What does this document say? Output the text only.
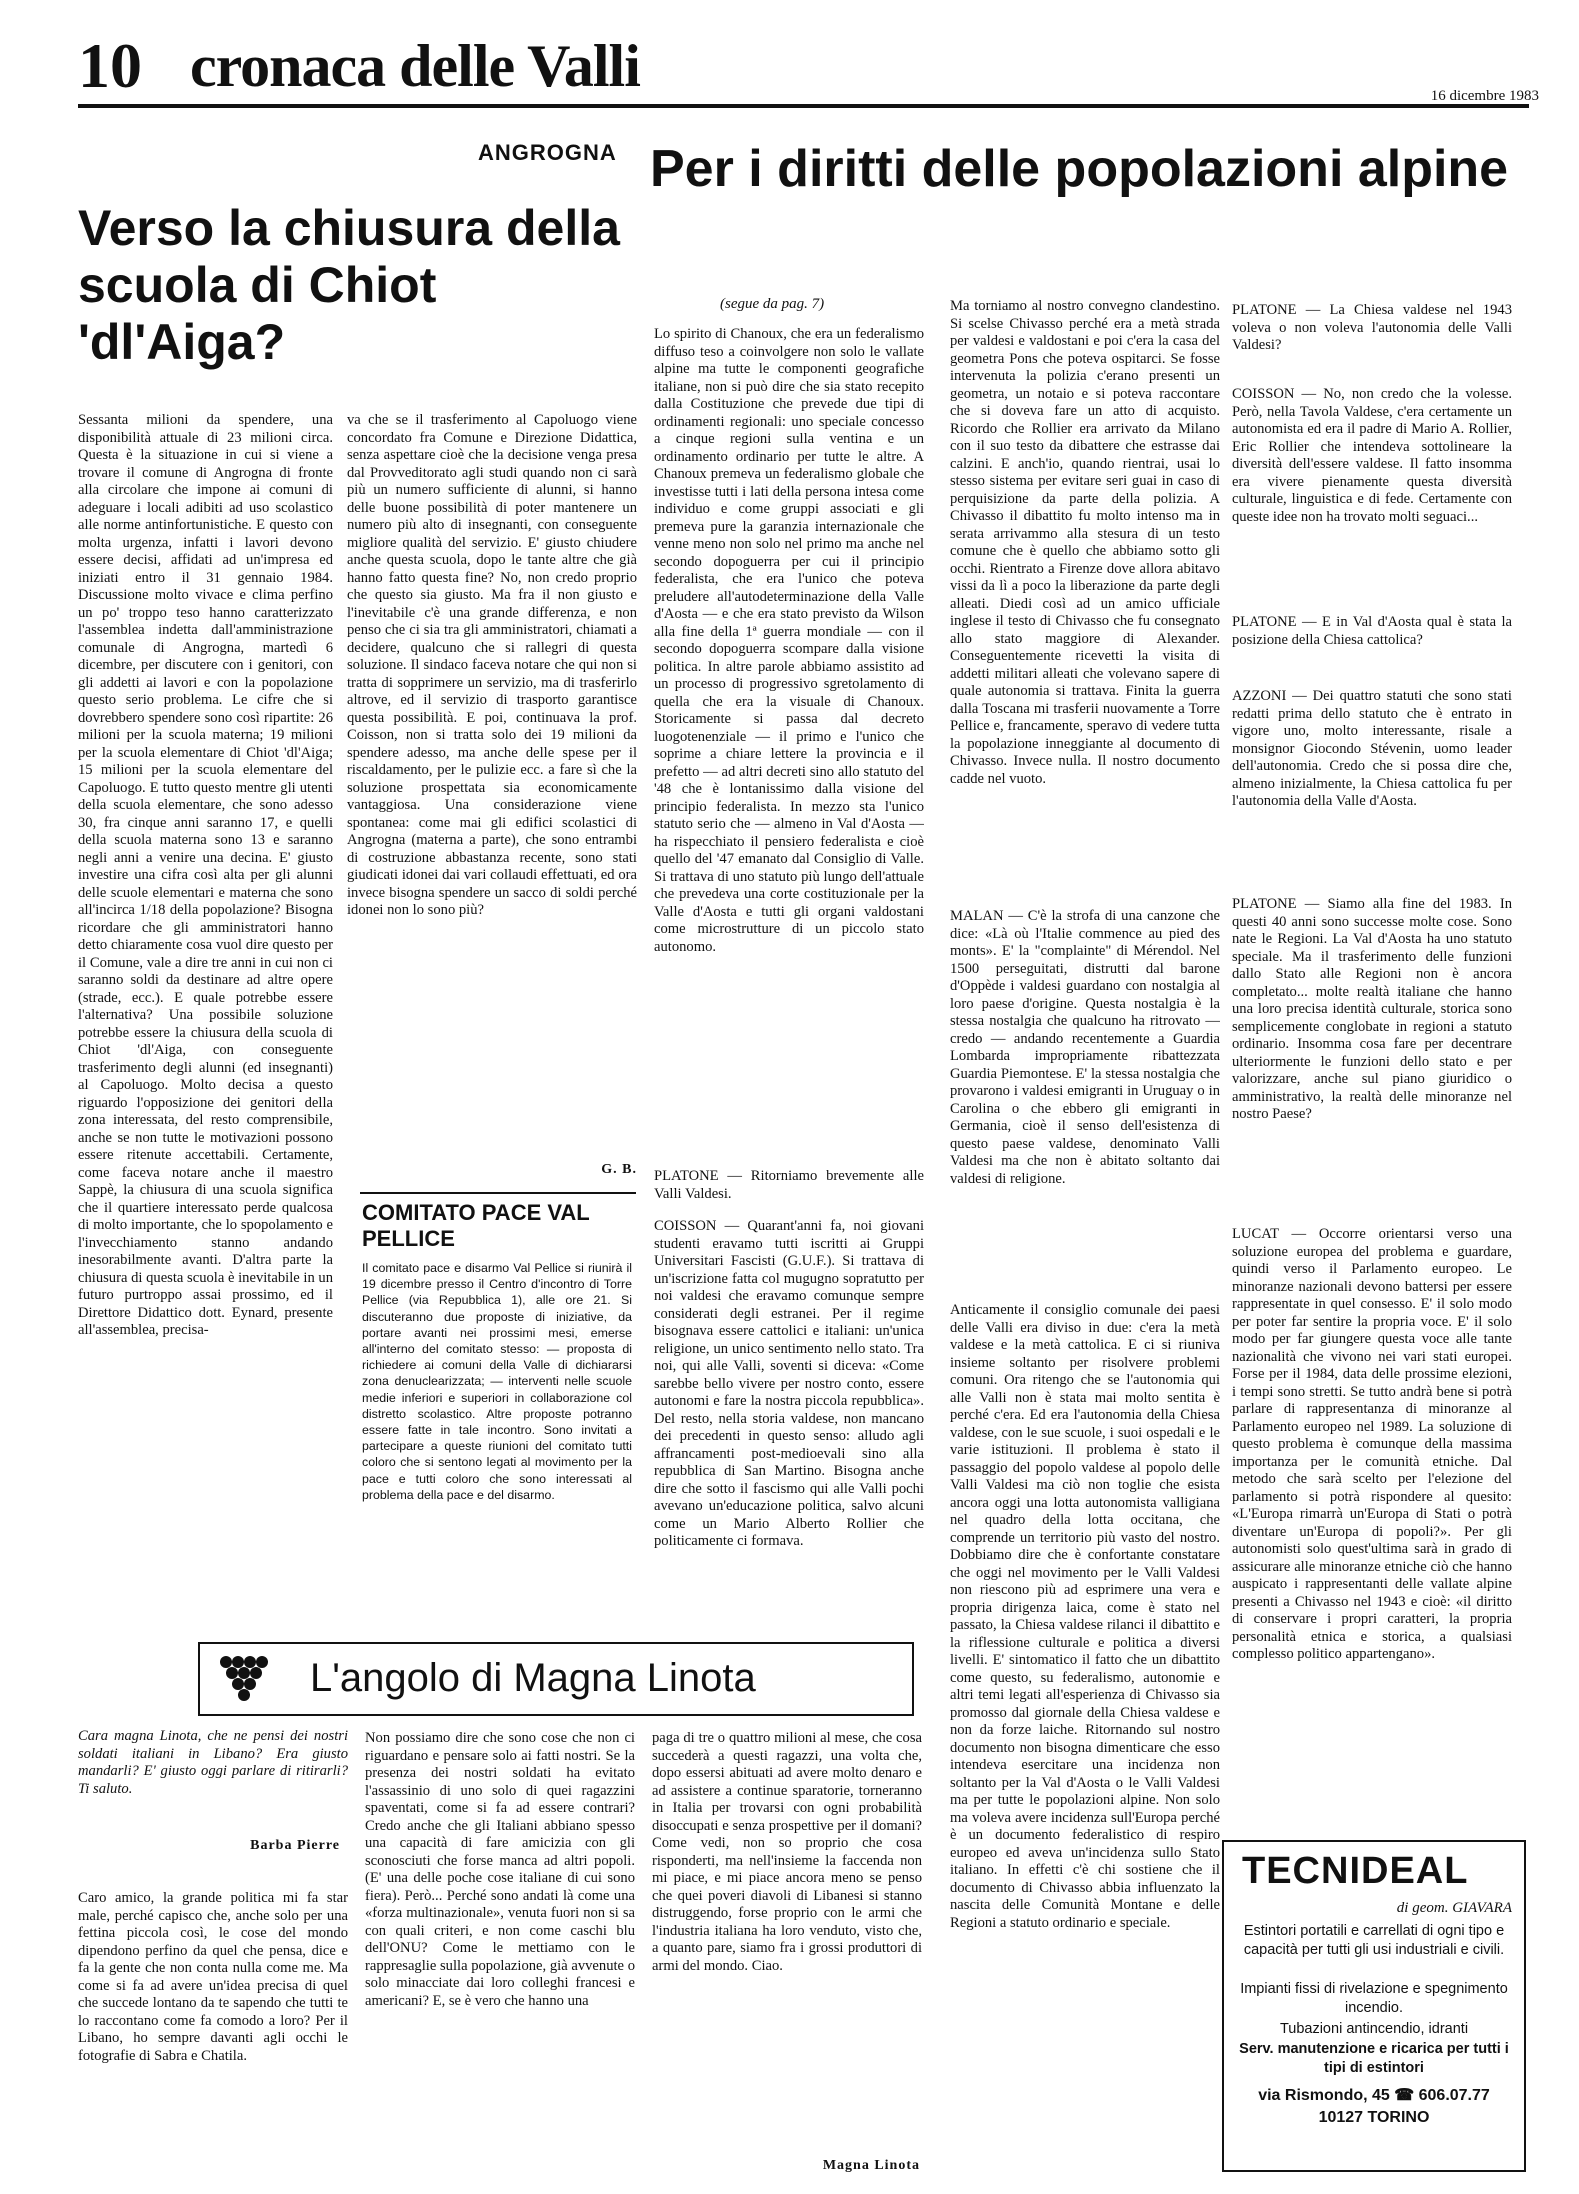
10 cronaca delle Valli	16 dicembre 1983
ANGROGNA
Verso la chiusura della scuola di Chiot 'dl'Aiga?
Sessanta milioni da spendere, una disponibilità attuale di 23 milioni circa. Questa è la situazione in cui si viene a trovare il comune di Angrogna di fronte alla circolare che impone ai comuni di adeguare i locali adibiti ad uso scolastico alle norme antinfortunistiche. E questo con molta urgenza, infatti i lavori devono essere decisi, affidati ad un'impresa ed iniziati entro il 31 gennaio 1984. Discussione molto vivace e clima perfino un po' troppo teso hanno caratterizzato l'assemblea indetta dall'amministrazione comunale di Angrogna, martedì 6 dicembre, per discutere con i genitori, con gli addetti ai lavori e con la popolazione questo serio problema. Le cifre che si dovrebbero spendere sono così ripartite: 26 milioni per la scuola materna; 19 milioni per la scuola elementare di Chiot 'dl'Aiga; 15 milioni per la scuola elementare del Capoluogo. E tutto questo mentre gli utenti della scuola elementare, che sono adesso 30, fra cinque anni saranno 17, e quelli della scuola materna sono 13 e saranno negli anni a venire una decina. E' giusto investire una cifra così alta per gli alunni delle scuole elementari e materna che sono all'incirca 1/18 della popolazione? Bisogna ricordare che gli amministratori hanno detto chiaramente cosa vuol dire questo per il Comune, vale a dire tre anni in cui non ci saranno soldi da destinare ad altre opere (strade, ecc.). E quale potrebbe essere l'alternativa? Una possibile soluzione potrebbe essere la chiusura della scuola di Chiot 'dl'Aiga, con conseguente trasferimento degli alunni (ed insegnanti) al Capoluogo. Molto decisa a questo riguardo l'opposizione dei genitori della zona interessata, del resto comprensibile, anche se non tutte le motivazioni possono essere ritenute accettabili. Certamente, come faceva notare anche il maestro Sappè, la chiusura di una scuola significa che il quartiere interessato perde qualcosa di molto importante, che lo spopolamento e l'invecchiamento stanno andando inesorabilmente avanti. D'altra parte la chiusura di questa scuola è inevitabile in un futuro purtroppo assai prossimo, ed il Direttore Didattico dott. Eynard, presente all'assemblea, precisa-
va che se il trasferimento al Capoluogo viene concordato fra Comune e Direzione Didattica, senza aspettare cioè che la decisione venga presa dal Provveditorato agli studi quando non ci sarà più un numero sufficiente di alunni, si hanno delle buone possibilità di poter mantenere un numero più alto di insegnanti, con conseguente migliore qualità del servizio. E' giusto chiudere anche questa scuola, dopo le tante altre che già hanno fatto questa fine? No, non credo proprio che questo sia giusto. Ma fra il non giusto e l'inevitabile c'è una grande differenza, e non penso che ci sia tra gli amministratori, chiamati a decidere, qualcuno che si rallegri di questa soluzione. Il sindaco faceva notare che qui non si tratta di sopprimere un servizio, ma di trasferirlo altrove, ed il servizio di trasporto garantisce questa possibilità. E poi, continuava la prof. Coisson, non si tratta solo dei 19 milioni da spendere adesso, ma anche delle spese per il riscaldamento, per le pulizie ecc. a fare sì che la soluzione prospettata sia economicamente vantaggiosa. Una considerazione viene spontanea: come mai gli edifici scolastici di Angrogna (materna a parte), che sono entrambi di costruzione abbastanza recente, sono stati giudicati idonei dai vari collaudi effettuati, ed ora invece bisogna spendere un sacco di soldi perché idonei non lo sono più?
G. B.
COMITATO PACE VAL PELLICE
Il comitato pace e disarmo Val Pellice si riunirà il 19 dicembre presso il Centro d'incontro di Torre Pellice (via Repubblica 1), alle ore 21. Si discuteranno due proposte di iniziative, da portare avanti nei prossimi mesi, emerse all'interno del comitato stesso: — proposta di richiedere ai comuni della Valle di dichiararsi zona denuclearizzata; — interventi nelle scuole medie inferiori e superiori in collaborazione col distretto scolastico. Altre proposte potranno essere fatte in tale incontro. Sono invitati a partecipare a queste riunioni del comitato tutti coloro che si sentono legati al movimento per la pace e tutti coloro che sono interessati al problema della pace e del disarmo.
Per i diritti delle popolazioni alpine
(segue da pag. 7)
Lo spirito di Chanoux, che era un federalismo diffuso teso a coinvolgere non solo le vallate alpine ma tutte le componenti geografiche italiane, non si può dire che sia stato recepito dalla Costituzione che prevede due tipi di ordinamenti regionali: uno speciale concesso a cinque regioni sulla ventina e un ordinamento ordinario per tutte le altre. A Chanoux premeva un federalismo globale che investisse tutti i lati della persona intesa come individuo e come gruppi associati e gli premeva pure la garanzia internazionale che venne meno non solo nel primo ma anche nel secondo dopoguerra per cui il principio federalista, che era l'unico che poteva preludere all'autodeterminazione della Valle d'Aosta — e che era stato previsto da Wilson alla fine della 1ª guerra mondiale — con il secondo dopoguerra scompare dalla visione politica. In altre parole abbiamo assistito ad un processo di progressivo sgretolamento di quella che era la visuale di Chanoux. Storicamente si passa dal decreto luogotenenziale — il primo e l'unico che soprime a chiare lettere la provincia e il prefetto — ad altri decreti sino allo statuto del '48 che è lontanissimo dalla visione del principio federalista. In mezzo sta l'unico statuto serio che — almeno in Val d'Aosta — ha rispecchiato il pensiero federalista e cioè quello del '47 emanato dal Consiglio di Valle. Si trattava di uno statuto più lungo dell'attuale che prevedeva una corte costituzionale per la Valle d'Aosta e tutti gli organi valdostani come microstrutture di un piccolo stato autonomo.
PLATONE — Ritorniamo brevemente alle Valli Valdesi.
COISSON — Quarant'anni fa, noi giovani studenti eravamo tutti iscritti ai Gruppi Universitari Fascisti (G.U.F.). Si trattava di un'iscrizione fatta col mugugno sopratutto per noi valdesi che eravamo comunque sempre considerati degli estranei. Per il regime bisognava essere cattolici e italiani: un'unica religione, un unico sentimento nello stato. Tra noi, qui alle Valli, soventi si diceva: «Come sarebbe bello vivere per nostro conto, essere autonomi e fare la nostra piccola repubblica». Del resto, nella storia valdese, non mancano dei precedenti in questo senso: alludo agli affrancamenti post-medioevali sino alla repubblica di San Martino. Bisogna anche dire che sotto il fascismo qui alle Valli pochi avevano un'educazione politica, salvo alcuni come un Mario Alberto Rollier che politicamente ci formava.
Ma torniamo al nostro convegno clandestino. Si scelse Chivasso perché era a metà strada per valdesi e valdostani e poi c'era la casa del geometra Pons che poteva ospitarci. Se fosse intervenuta la polizia c'erano presenti un geometra, un notaio e si poteva raccontare che si doveva fare un atto di acquisto. Ricordo che Rollier era arrivato da Milano con il suo testo da dibattere che estrasse dai calzini. E anch'io, quando rientrai, usai lo stesso sistema per evitare seri guai in caso di perquisizione da parte della polizia. A Chivasso il dibattito fu molto intenso ma in serata arrivammo alla stesura di un testo comune che è quello che abbiamo sotto gli occhi. Rientrato a Firenze dove allora abitavo vissi da lì a poco la liberazione da parte degli alleati. Diedi così ad un amico ufficiale inglese il testo di Chivasso che fu consegnato allo stato maggiore di Alexander. Conseguentemente ricevetti la visita di addetti militari alleati che volevano sapere di quale autonomia si trattava. Finita la guerra dalla Toscana mi trasferii nuovamente a Torre Pellice e, francamente, speravo di vedere tutta la popolazione inneggiante al documento di Chivasso. Invece nulla. Il nostro documento cadde nel vuoto.
MALAN — C'è la strofa di una canzone che dice: «Là où l'Italie commence au pied des monts». E' la "complainte" di Mérendol. Nel 1500 perseguitati, distrutti dal barone d'Oppède i valdesi guardano con nostalgia al loro paese d'origine. Questa nostalgia è la stessa nostalgia che qualcuno ha ritrovato — credo — andando recentemente a Guardia Lombarda impropriamente ribattezzata Guardia Piemontese. E' la stessa nostalgia che provarono i valdesi emigranti in Uruguay o in Carolina o che ebbero gli emigranti in Germania, cioè il senso dell'esistenza di questo paese valdese, denominato Valli Valdesi ma che non è abitato soltanto dai valdesi di religione.
Anticamente il consiglio comunale dei paesi delle Valli era diviso in due: c'era la metà valdese e la metà cattolica. E ci si riuniva insieme soltanto per risolvere problemi comuni. Ora ritengo che se l'autonomia qui alle Valli non è stata mai molto sentita è perché c'era. Ed era l'autonomia della Chiesa valdese, con le sue scuole, i suoi ospedali e le varie istituzioni. Il problema è stato il passaggio del popolo valdese al popolo delle Valli Valdesi ma ciò non toglie che esista ancora oggi una lotta autonomista valligiana nel quadro della lotta occitana, che comprende un territorio più vasto del nostro. Dobbiamo dire che è confortante constatare che oggi nel movimento per le Valli Valdesi non riescono più ad esprimere una vera e propria dirigenza laica, come è stato nel passato, la Chiesa valdese rilanci il dibattito e la riflessione culturale e politica a diversi livelli. E' sintomatico il fatto che un dibattito come questo, su federalismo, autonomie e altri temi legati all'esperienza di Chivasso sia promosso dal giornale della Chiesa valdese e non da forze laiche. Ritornando sul nostro documento non bisogna dimenticare che esso intendeva esercitare una incidenza non soltanto per la Val d'Aosta o le Valli Valdesi ma per tutte le popolazioni alpine. Non solo ma voleva avere incidenza sull'Europa perché è un documento federalistico di respiro europeo ed aveva un'incidenza sullo Stato italiano. In effetti c'è chi sostiene che il documento di Chivasso abbia influenzato la nascita delle Comunità Montane e delle Regioni a statuto ordinario e speciale.
PLATONE — La Chiesa valdese nel 1943 voleva o non voleva l'autonomia delle Valli Valdesi?
COISSON — No, non credo che la volesse. Però, nella Tavola Valdese, c'era certamente un autonomista ed era il padre di Mario A. Rollier, Eric Rollier che intendeva sottolineare la diversità dell'essere valdese. Il fatto insomma era vivere pienamente questa diversità culturale, linguistica e di fede. Certamente con queste idee non ha trovato molti seguaci...
PLATONE — E in Val d'Aosta qual è stata la posizione della Chiesa cattolica?
AZZONI — Dei quattro statuti che sono stati redatti prima dello statuto che è entrato in vigore uno, molto interessante, risale a monsignor Giocondo Stévenin, uomo leader dell'autonomia. Credo che si possa dire che, almeno inizialmente, la Chiesa cattolica fu per l'autonomia della Valle d'Aosta.
PLATONE — Siamo alla fine del 1983. In questi 40 anni sono successe molte cose. Sono nate le Regioni. La Val d'Aosta ha uno statuto speciale. Ma il trasferimento delle funzioni dallo Stato alle Regioni non è ancora completato... molte realtà italiane che hanno una loro precisa identità culturale, storica sono semplicemente conglobate in regioni a statuto ordinario. Insomma cosa fare per decentrare ulteriormente le funzioni dello stato e per valorizzare, anche sul piano giuridico o amministrativo, la realtà delle minoranze nel nostro Paese?
LUCAT — Occorre orientarsi verso una soluzione europea del problema e guardare, quindi verso il Parlamento europeo. Le minoranze nazionali devono battersi per essere rappresentate in quel consesso. E' il solo modo per poter far sentire la propria voce. E' il solo modo per far giungere questa voce alle tante nazionalità che vivono nei vari stati europei. Forse per il 1984, data delle prossime elezioni, i tempi sono stretti. Se tutto andrà bene si potrà parlare di rappresentanza di minoranze al Parlamento europeo nel 1989. La soluzione di questo problema è comunque della massima importanza per le comunità etniche. Dal metodo che sarà scelto per l'elezione del parlamento si potrà rispondere al quesito: «L'Europa rimarrà un'Europa di Stati o potrà diventare un'Europa di popoli?». Per gli autonomisti solo quest'ultima sarà in grado di assicurare alle minoranze etniche ciò che hanno auspicato i rappresentanti delle vallate alpine presenti a Chivasso nel 1943 e cioè: «il diritto di conservare i propri caratteri, la propria personalità etnica e storica, a qualsiasi complesso politico appartengano».
L'angolo di Magna Linota
Cara magna Linota, che ne pensi dei nostri soldati italiani in Libano? Era giusto mandarli? E' giusto oggi parlare di ritirarli? Ti saluto.
Barba Pierre
Caro amico, la grande politica mi fa star male, perché capisco che, anche solo per una fettina piccola così, le cose del mondo dipendono perfino da quel che pensa, dice e fa la gente che non conta nulla come me. Ma come si fa ad avere un'idea precisa di quel che succede lontano da te sapendo che tutti te lo raccontano come fa comodo a loro? Per il Libano, ho sempre davanti agli occhi le fotografie di Sabra e Chatila.
Non possiamo dire che sono cose che non ci riguardano e pensare solo ai fatti nostri. Se la presenza dei nostri soldati ha evitato l'assassinio di uno solo di quei ragazzini spaventati, come si fa ad essere contrari? Credo anche che gli Italiani abbiano spesso una capacità di fare amicizia con gli sconosciuti che forse manca ad altri popoli. (E' una delle poche cose italiane di cui sono fiera). Però... Perché sono andati là come una «forza multinazionale», venuta fuori non si sa con quali criteri, e non come caschi blu dell'ONU? Come le mettiamo con le rappresaglie sulla popolazione, già avvenute o solo minacciate dai loro colleghi francesi e americani? E, se è vero che hanno una
paga di tre o quattro milioni al mese, che cosa succederà a questi ragazzi, una volta che, dopo essersi abituati ad avere molto denaro e ad assistere a continue sparatorie, torneranno in Italia per trovarsi con ogni probabilità disoccupati e senza prospettive per il domani? Come vedi, non so proprio che cosa risponderti, ma nell'insieme la faccenda non mi piace, e mi piace ancora meno se penso che quei poveri diavoli di Libanesi si stanno distruggendo, forse proprio con le armi che l'industria italiana ha loro venduto, visto che, a quanto pare, siamo fra i grossi produttori di armi del mondo. Ciao.
Magna Linota
TECNIDEAL
di geom. GIAVARA
Estintori portatili e carrellati di ogni tipo e capacità per tutti gli usi industriali e civili.
Impianti fissi di rivelazione e spegnimento incendio.
Tubazioni antincendio, idranti
Serv. manutenzione e ricarica per tutti i tipi di estintori
via Rismondo, 45 ☎ 606.07.77
10127 TORINO
